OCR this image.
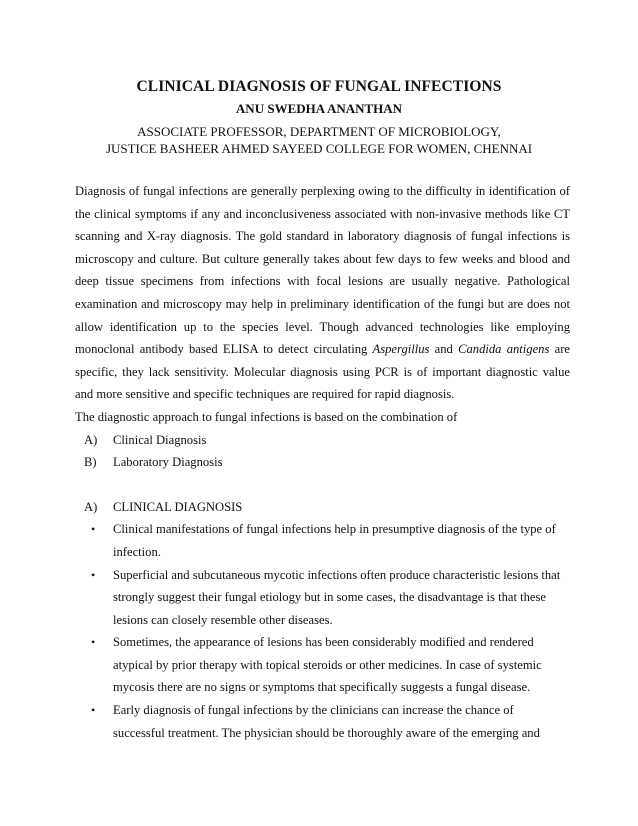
CLINICAL DIAGNOSIS OF FUNGAL INFECTIONS
ANU SWEDHA ANANTHAN
ASSOCIATE PROFESSOR, DEPARTMENT OF MICROBIOLOGY,
JUSTICE BASHEER AHMED SAYEED COLLEGE FOR WOMEN, CHENNAI

Diagnosis of fungal infections are generally perplexing owing to the difficulty in identification of the clinical symptoms if any and inconclusiveness associated with non-invasive methods like CT scanning and X-ray diagnosis. The gold standard in laboratory diagnosis of fungal infections is microscopy and culture. But culture generally takes about few days to few weeks and blood and deep tissue specimens from infections with focal lesions are usually negative. Pathological examination and microscopy may help in preliminary identification of the fungi but are does not allow identification up to the species level. Though advanced technologies like employing monoclonal antibody based ELISA to detect circulating Aspergillus and Candida antigens are specific, they lack sensitivity. Molecular diagnosis using PCR is of important diagnostic value and more sensitive and specific techniques are required for rapid diagnosis.

The diagnostic approach to fungal infections is based on the combination of

A) Clinical Diagnosis
B) Laboratory Diagnosis
A) CLINICAL DIAGNOSIS
• Clinical manifestations of fungal infections help in presumptive diagnosis of the type of infection.
• Superficial and subcutaneous mycotic infections often produce characteristic lesions that strongly suggest their fungal etiology but in some cases, the disadvantage is that these lesions can closely resemble other diseases.
• Sometimes, the appearance of lesions has been considerably modified and rendered atypical by prior therapy with topical steroids or other medicines. In case of systemic mycosis there are no signs or symptoms that specifically suggests a fungal disease.
• Early diagnosis of fungal infections by the clinicians can increase the chance of successful treatment. The physician should be thoroughly aware of the emerging and
